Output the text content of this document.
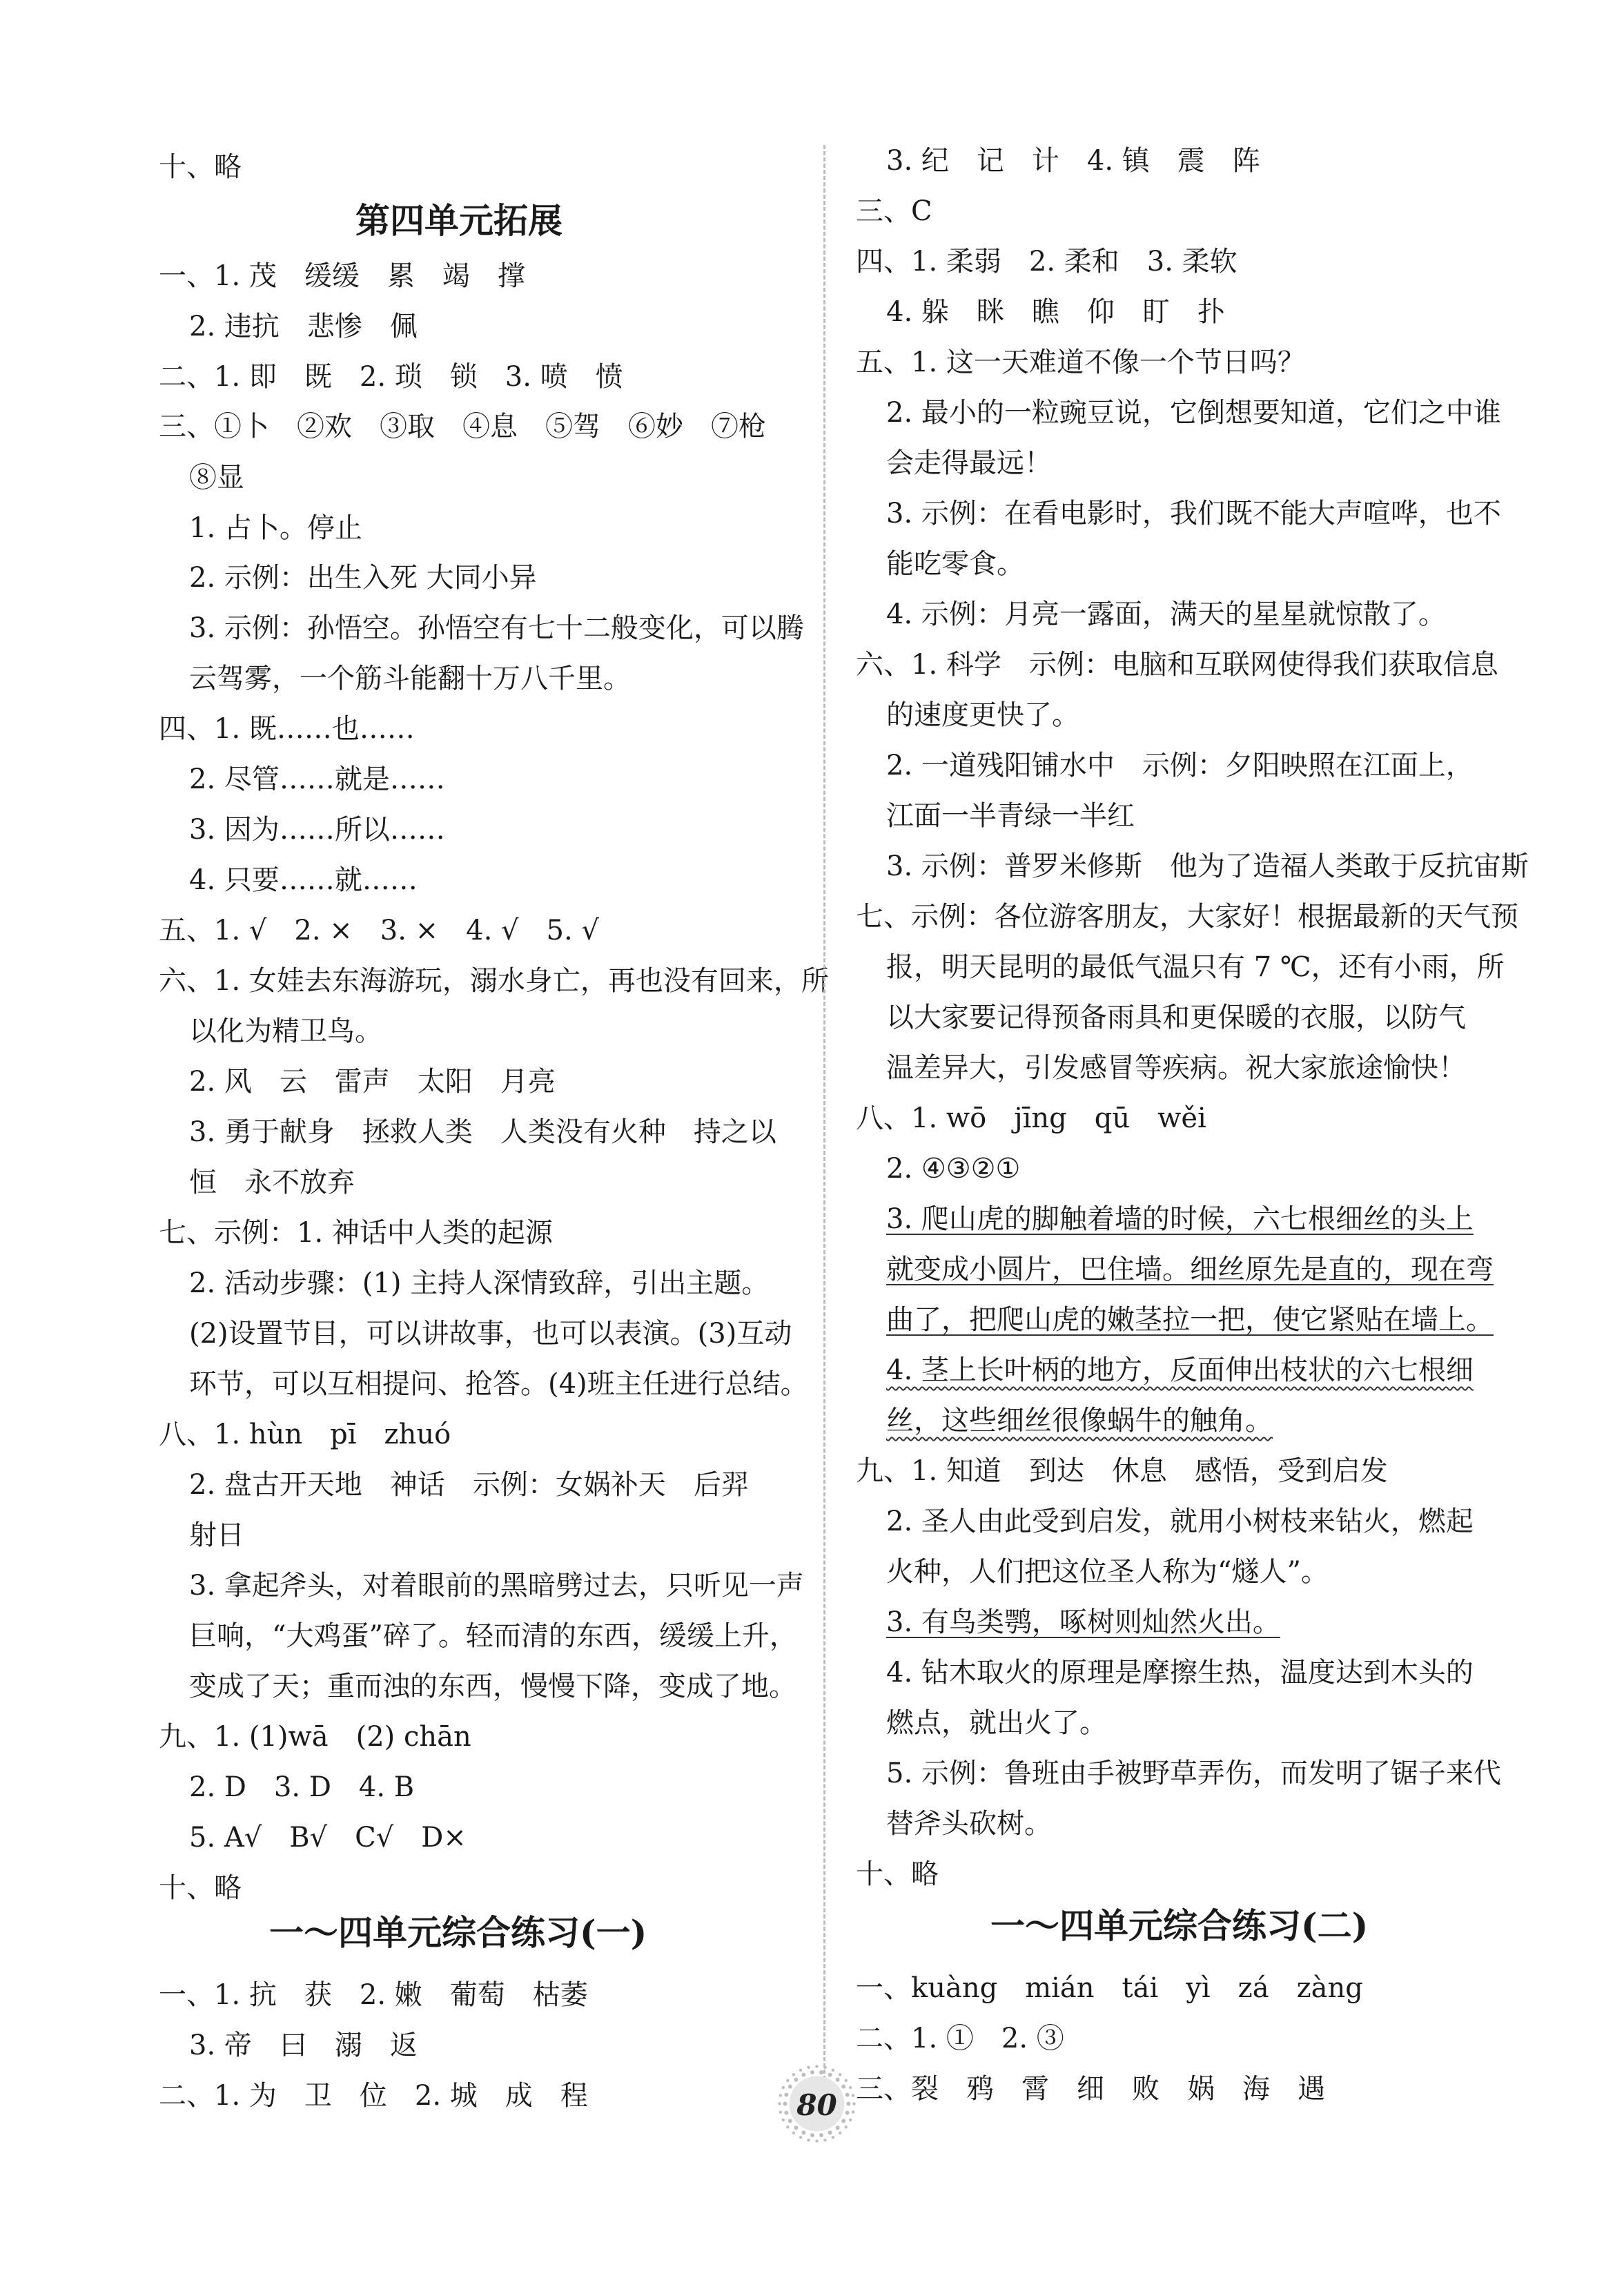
十、略
第四单元拓展
一、1. 茂　缓缓　累　竭　撑
2. 违抗　悲惨　佩
二、1. 即　既　2. 琐　锁　3. 喷　愤
三、①卜　②欢　③取　④息　⑤驾　⑥妙　⑦枪
⑧显
1. 占卜。停止
2. 示例：出生入死 大同小异
3. 示例：孙悟空。孙悟空有七十二般变化，可以腾
云驾雾，一个筋斗能翻十万八千里。
四、1. 既……也……
2. 尽管……就是……
3. 因为……所以……
4. 只要……就……
五、1. √　2. ×　3. ×　4. √　5. √
六、1. 女娃去东海游玩，溺水身亡，再也没有回来，所
以化为精卫鸟。
2. 风　云　雷声　太阳　月亮
3. 勇于献身　拯救人类　人类没有火种　持之以
恒　永不放弃
七、示例：1. 神话中人类的起源
2. 活动步骤：(1) 主持人深情致辞，引出主题。
(2)设置节目，可以讲故事，也可以表演。(3)互动
环节，可以互相提问、抢答。(4)班主任进行总结。
八、1. hùn　pī　zhuó
2. 盘古开天地　神话　示例：女娲补天　后羿
射日
3. 拿起斧头，对着眼前的黑暗劈过去，只听见一声
巨响，“大鸡蛋”碎了。轻而清的东西，缓缓上升，
变成了天；重而浊的东西，慢慢下降，变成了地。
九、1. (1)wā　(2) chān
2. D　3. D　4. B
5. A√　B√　C√　D×
十、略
一～四单元综合练习(一)
一、1. 抗　获　2. 嫩　葡萄　枯萎
3. 帝　曰　溺　返
二、1. 为　卫　位　2. 城　成　程
3. 纪　记　计　4. 镇　震　阵
三、C
四、1. 柔弱　2. 柔和　3. 柔软
4. 躲　眯　瞧　仰　盯　扑
五、1. 这一天难道不像一个节日吗？
2. 最小的一粒豌豆说，它倒想要知道，它们之中谁
会走得最远！
3. 示例：在看电影时，我们既不能大声喧哗，也不
能吃零食。
4. 示例：月亮一露面，满天的星星就惊散了。
六、1. 科学　示例：电脑和互联网使得我们获取信息
的速度更快了。
2. 一道残阳铺水中　示例：夕阳映照在江面上，
江面一半青绿一半红
3. 示例：普罗米修斯　他为了造福人类敢于反抗宙斯
七、示例：各位游客朋友，大家好！根据最新的天气预
报，明天昆明的最低气温只有 7 ℃，还有小雨，所
以大家要记得预备雨具和更保暖的衣服，以防气
温差异大，引发感冒等疾病。祝大家旅途愉快！
八、1. wō　jīng　qū　wěi
2. ④③②①
3. 爬山虎的脚触着墙的时候，六七根细丝的头上
就变成小圆片，巴住墙。细丝原先是直的，现在弯
曲了，把爬山虎的嫩茎拉一把，使它紧贴在墙上。
4. 茎上长叶柄的地方，反面伸出枝状的六七根细
丝，这些细丝很像蜗牛的触角。
九、1. 知道　到达　休息　感悟，受到启发
2. 圣人由此受到启发，就用小树枝来钻火，燃起
火种，人们把这位圣人称为“燧人”。
3. 有鸟类鹗，啄树则灿然火出。
4. 钻木取火的原理是摩擦生热，温度达到木头的
燃点，就出火了。
5. 示例：鲁班由手被野草弄伤，而发明了锯子来代
替斧头砍树。
十、略
一～四单元综合练习(二)
一、kuàng　mián　tái　yì　zá　zàng
二、1. ①　2. ③
三、裂　鸦　霄　细　败　娲　海　遇
80
